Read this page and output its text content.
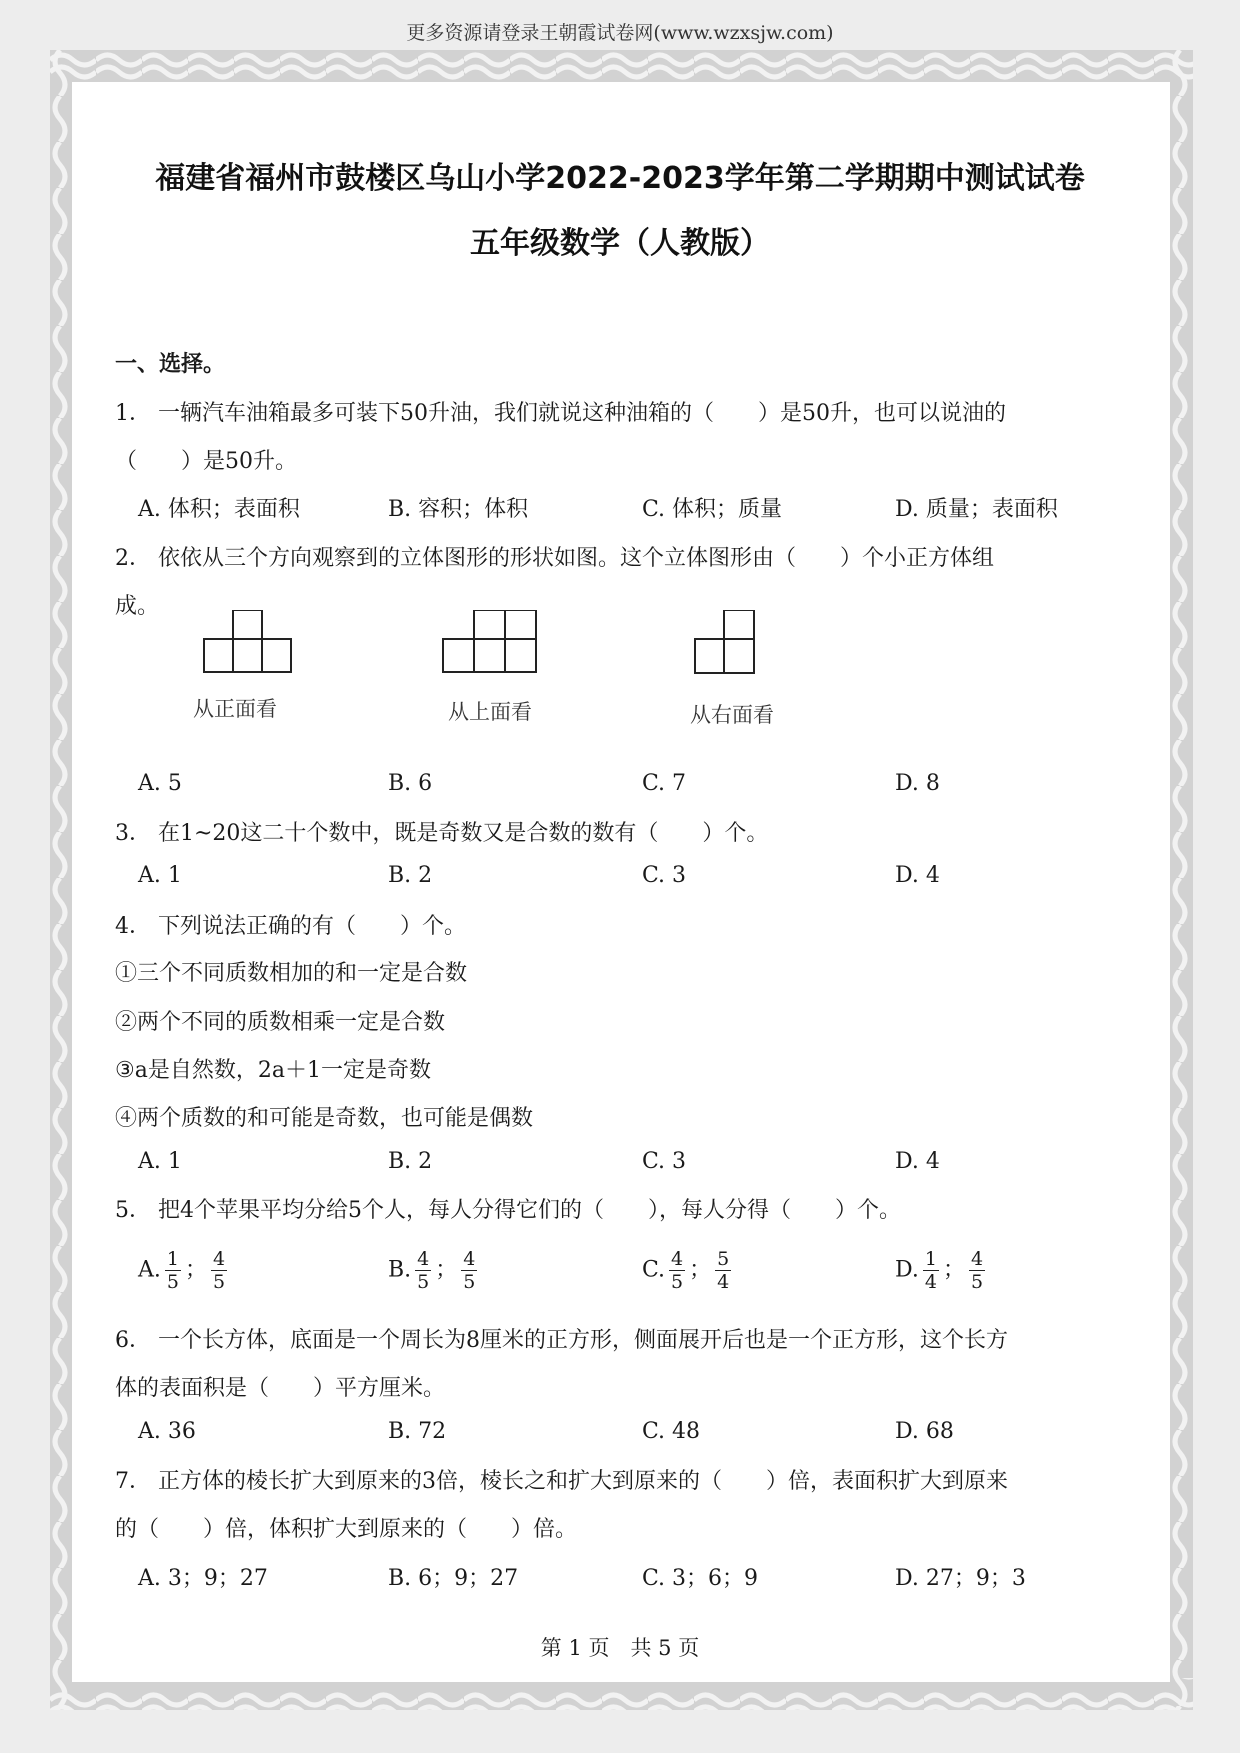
更多资源请登录王朝霞试卷网(www.wzxsjw.com)
福建省福州市鼓楼区乌山小学2022-2023学年第二学期期中测试试卷
五年级数学（人教版）
一、选择。
1． 一辆汽车油箱最多可装下50升油，我们就说这种油箱的（　　）是50升，也可以说油的
（　　）是50升。
A. 体积；表面积	B. 容积；体积	C. 体积；质量	D. 质量；表面积
2． 依依从三个方向观察到的立体图形的形状如图。这个立体图形由（　　）个小正方体组
成。
从正面看	从上面看	从右面看
A. 5	B. 6	C. 7	D. 8
3． 在1~20这二十个数中，既是奇数又是合数的数有（　　）个。
A. 1	B. 2	C. 3	D. 4
4． 下列说法正确的有（　　）个。
①三个不同质数相加的和一定是合数
②两个不同的质数相乘一定是合数
③a是自然数，2a＋1一定是奇数
④两个质数的和可能是奇数，也可能是偶数
A. 1	B. 2	C. 3	D. 4
5． 把4个苹果平均分给5个人，每人分得它们的（　　），每人分得（　　）个。
A. $\frac{1}{5}$ ； $\frac{4}{5}$	B. $\frac{4}{5}$ ； $\frac{4}{5}$	C. $\frac{4}{5}$ ； $\frac{5}{4}$	D. $\frac{1}{4}$ ； $\frac{4}{5}$
6． 一个长方体，底面是一个周长为8厘米的正方形，侧面展开后也是一个正方形，这个长方
体的表面积是（　　）平方厘米。
A. 36	B. 72	C. 48	D. 68
7． 正方体的棱长扩大到原来的3倍，棱长之和扩大到原来的（　　）倍，表面积扩大到原来
的（　　）倍，体积扩大到原来的（　　）倍。
A. 3；9；27	B. 6；9；27	C. 3；6；9	D. 27；9；3
第 1 页　共 5 页
